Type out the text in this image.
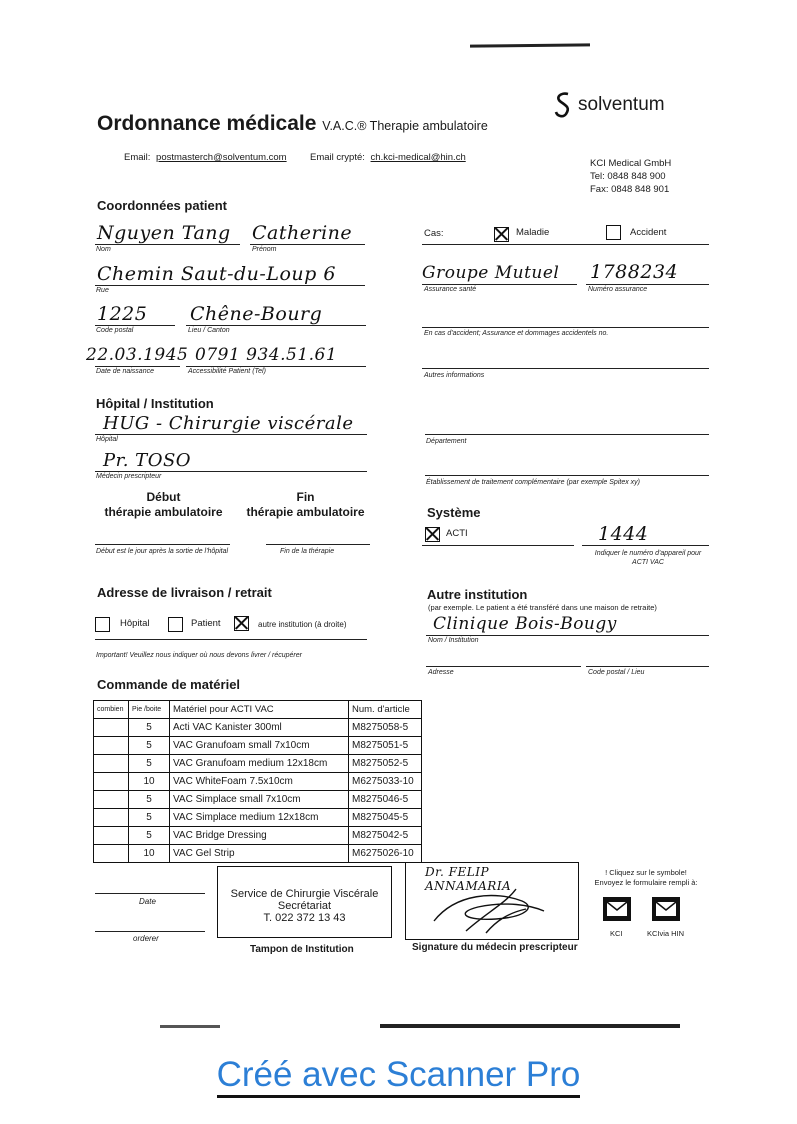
Ordonnance médicale V.A.C.® Therapie ambulatoire
solventum
Email: postmasterch@solventum.com Email crypté: ch.kci-medical@hin.ch
KCI Medical GmbH
Tel: 0848 848 900
Fax: 0848 848 901
Coordonnées patient
Nguyen Tang
Nom
Catherine
Prénom
Chemin Saut-du-Loup 6
Rue
1225
Code postal
Chêne-Bourg
Lieu / Canton
22.03.1945
Date de naissance
0791 934.51.61
Accessibilité Patient (Tel)
Cas:	Maladie	Accident
Groupe Mutuel
Assurance santé
1788234
Numéro assurance
En cas d'accident; Assurance et dommages accidentels no.
Autres informations
Hôpital / Institution
HUG - Chirurgie viscérale
Hôpital
Pr. TOSO
Médecin prescripteur
Département
Établissement de traitement complémentaire (par exemple Spitex xy)
Début
thérapie ambulatoire
Fin
thérapie ambulatoire
Début est le jour après la sortie de l'hôpital	Fin de la thérapie
Système
ACTI	1444
Indiquer le numéro d'appareil pour
ACTI VAC
Adresse de livraison / retrait
Hôpital	Patient	autre institution (à droite)
Important! Veuillez nous indiquer où nous devons livrer / récupérer
Autre institution
(par exemple. Le patient a été transféré dans une maison de retraite)
Clinique Bois-Bougy
Nom / Institution
Adresse	Code postal / Lieu
Commande de matériel
combien	Pie /boite	Matériel pour ACTI VAC	Num. d'article
	5	Acti VAC Kanister 300ml	M8275058-5
	5	VAC Granufoam small 7x10cm	M8275051-5
	5	VAC Granufoam medium 12x18cm	M8275052-5
	10	VAC WhiteFoam 7.5x10cm	M6275033-10
	5	VAC Simplace small 7x10cm	M8275046-5
	5	VAC Simplace medium 12x18cm	M8275045-5
	5	VAC Bridge Dressing	M8275042-5
	10	VAC Gel Strip	M6275026-10
Date
orderer
Service de Chirurgie Viscérale
Secrétariat
T. 022 372 13 43
Tampon de Institution
Dr. FELIP ANNAMARIA
Signature du médecin prescripteur
! Cliquez sur le symbole!
Envoyez le formulaire rempli à:
KCI	KCIvia HIN
Créé avec Scanner Pro
